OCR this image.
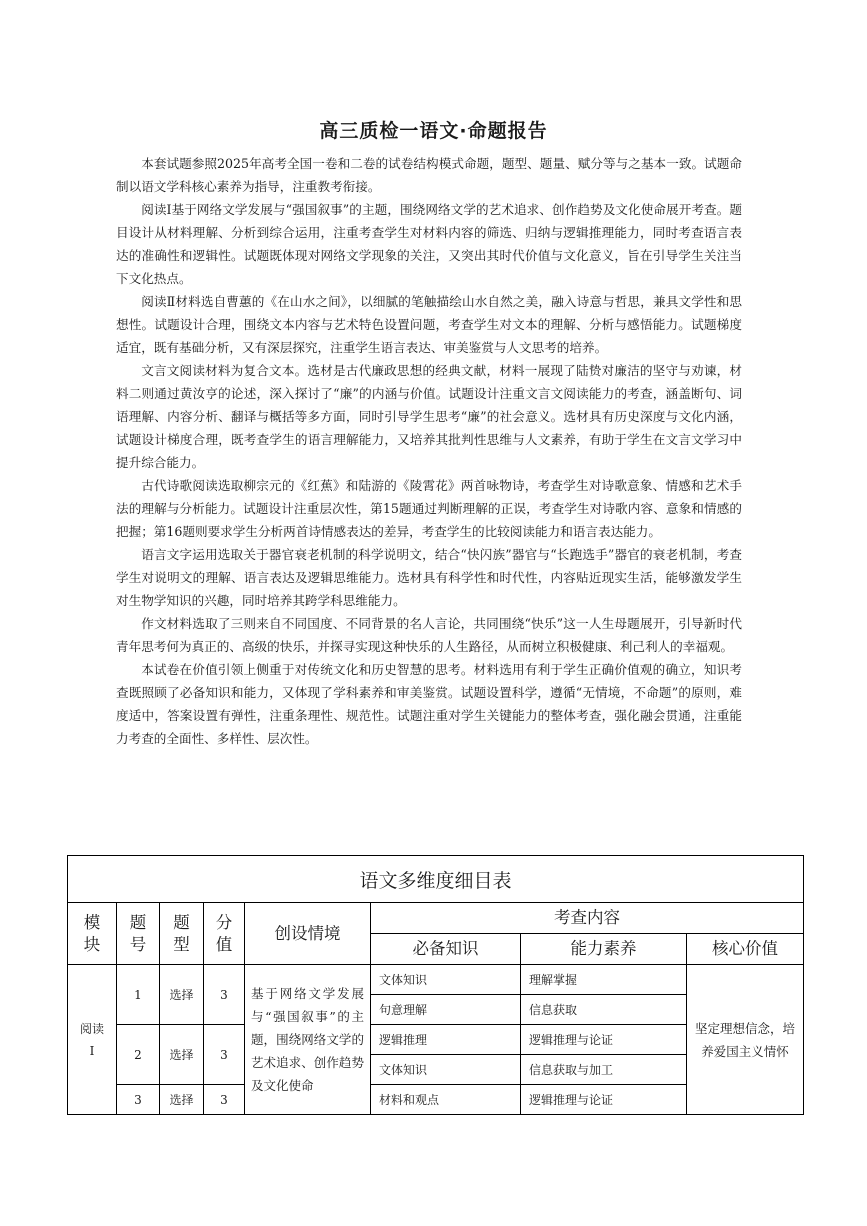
高三质检一语文·命题报告

本套试题参照2025年高考全国一卷和二卷的试卷结构模式命题，题型、题量、赋分等与之基本一致。试题命制以语文学科核心素养为指导，注重教考衔接。

阅读Ⅰ基于网络文学发展与“强国叙事”的主题，围绕网络文学的艺术追求、创作趋势及文化使命展开考查。题目设计从材料理解、分析到综合运用，注重考查学生对材料内容的筛选、归纳与逻辑推理能力，同时考查语言表达的准确性和逻辑性。试题既体现对网络文学现象的关注，又突出其时代价值与文化意义，旨在引导学生关注当下文化热点。

阅读Ⅱ材料选自曹蕙的《在山水之间》，以细腻的笔触描绘山水自然之美，融入诗意与哲思，兼具文学性和思想性。试题设计合理，围绕文本内容与艺术特色设置问题，考查学生对文本的理解、分析与感悟能力。试题梯度适宜，既有基础分析，又有深层探究，注重学生语言表达、审美鉴赏与人文思考的培养。

文言文阅读材料为复合文本。选材是古代廉政思想的经典文献，材料一展现了陆贽对廉洁的坚守与劝谏，材料二则通过黄汝亨的论述，深入探讨了“廉”的内涵与价值。试题设计注重文言文阅读能力的考查，涵盖断句、词语理解、内容分析、翻译与概括等多方面，同时引导学生思考“廉”的社会意义。选材具有历史深度与文化内涵，试题设计梯度合理，既考查学生的语言理解能力，又培养其批判性思维与人文素养，有助于学生在文言文学习中提升综合能力。

古代诗歌阅读选取柳宗元的《红蕉》和陆游的《陵霄花》两首咏物诗，考查学生对诗歌意象、情感和艺术手法的理解与分析能力。试题设计注重层次性，第15题通过判断理解的正误，考查学生对诗歌内容、意象和情感的把握；第16题则要求学生分析两首诗情感表达的差异，考查学生的比较阅读能力和语言表达能力。

语言文字运用选取关于器官衰老机制的科学说明文，结合“快闪族”器官与“长跑选手”器官的衰老机制，考查学生对说明文的理解、语言表达及逻辑思维能力。选材具有科学性和时代性，内容贴近现实生活，能够激发学生对生物学知识的兴趣，同时培养其跨学科思维能力。

作文材料选取了三则来自不同国度、不同背景的名人言论，共同围绕“快乐”这一人生母题展开，引导新时代青年思考何为真正的、高级的快乐，并探寻实现这种快乐的人生路径，从而树立积极健康、利己利人的幸福观。

本试卷在价值引领上侧重于对传统文化和历史智慧的思考。材料选用有利于学生正确价值观的确立，知识考查既照顾了必备知识和能力，又体现了学科素养和审美鉴赏。试题设置科学，遵循“无情境，不命题”的原则，难度适中，答案设置有弹性，注重条理性、规范性。试题注重对学生关键能力的整体考查，强化融会贯通，注重能力考查的全面性、多样性、层次性。

语文多维度细目表							
模块	题号	题型	分值	创设情境	考查内容		
					必备知识	能力素养	核心价值
阅读Ⅰ	1	选择	3	基于网络文学发展与“强国叙事”的主题，围绕网络文学的艺术追求、创作趋势及文化使命	文体知识	理解掌握	坚定理想信念，培养爱国主义情怀
					句意理解	信息获取	
	2	选择	3		逻辑推理	逻辑推理与论证	
					文体知识	信息获取与加工	
	3	选择	3		材料和观点	逻辑推理与论证	
